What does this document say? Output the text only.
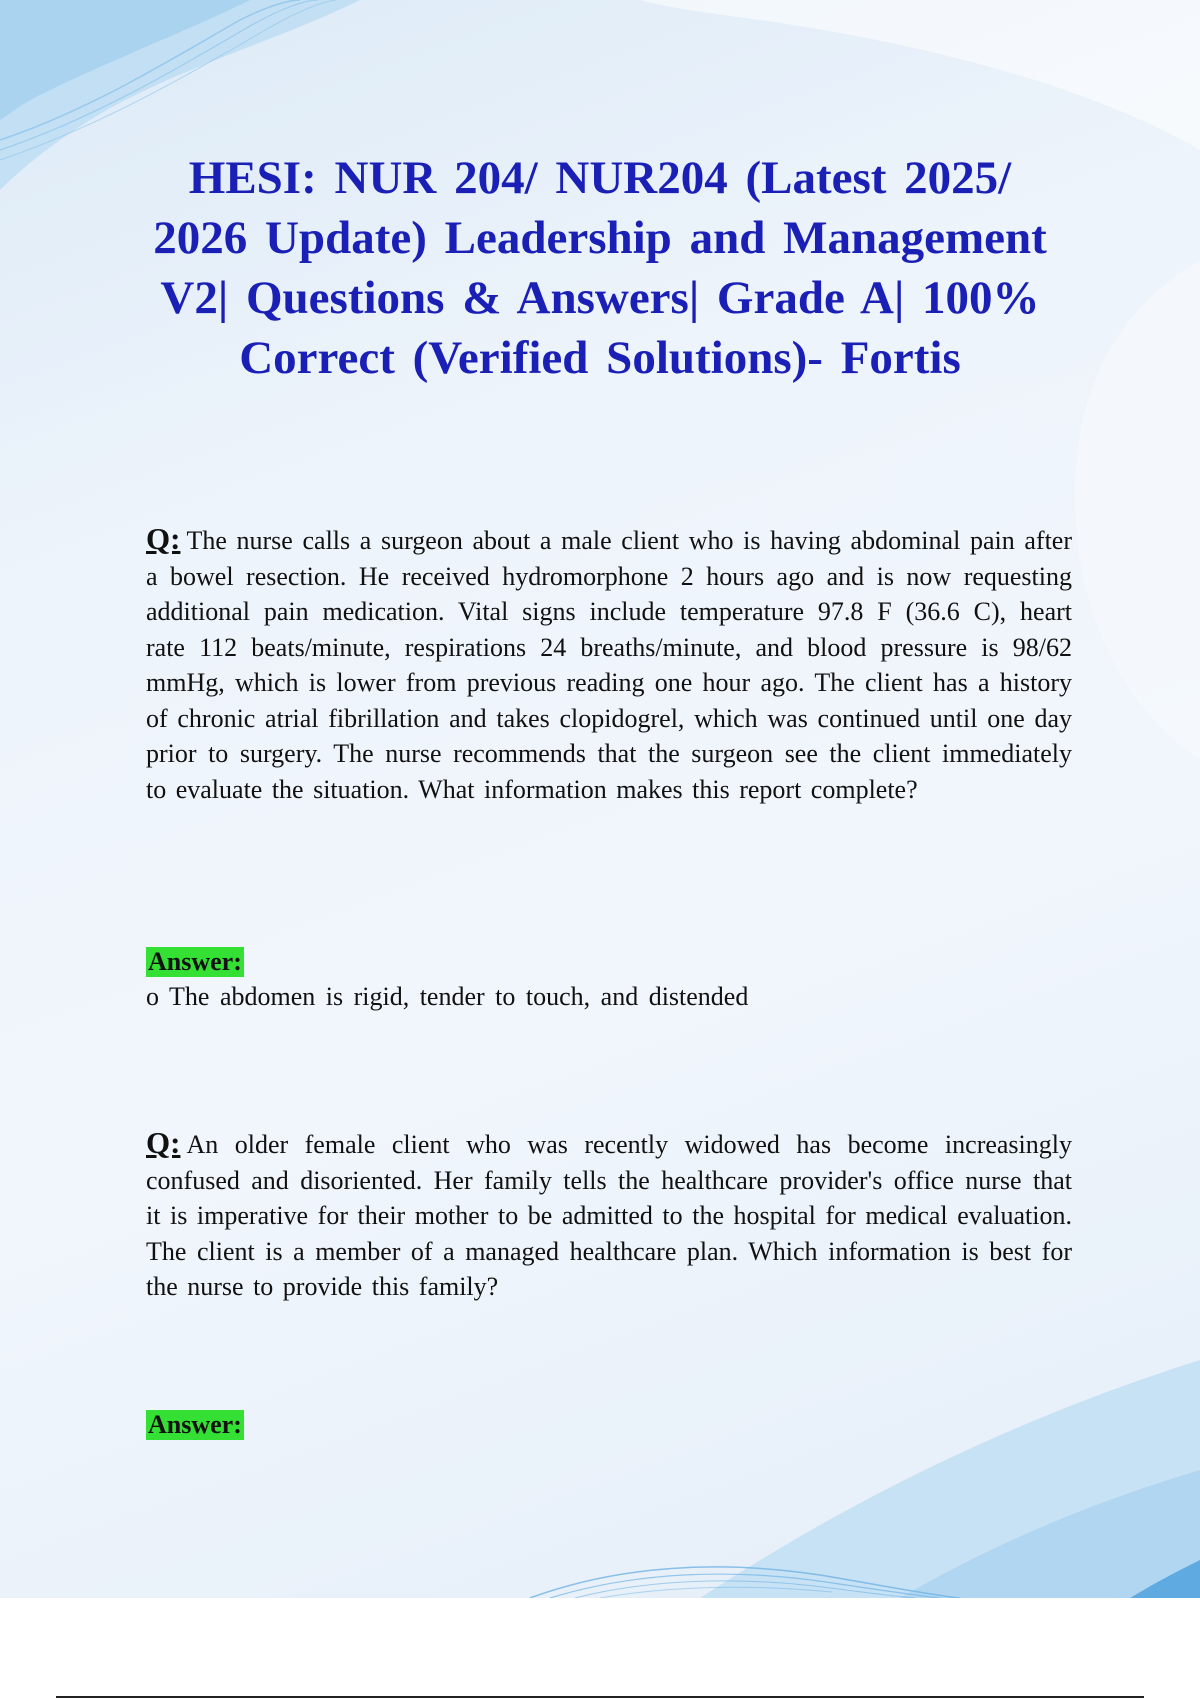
HESI: NUR 204/ NUR204 (Latest 2025/ 2026 Update) Leadership and Management V2| Questions & Answers| Grade A| 100% Correct (Verified Solutions)- Fortis

Q: The nurse calls a surgeon about a male client who is having abdominal pain after a bowel resection. He received hydromorphone 2 hours ago and is now requesting additional pain medication. Vital signs include temperature 97.8 F (36.6 C), heart rate 112 beats/minute, respirations 24 breaths/minute, and blood pressure is 98/62 mmHg, which is lower from previous reading one hour ago. The client has a history of chronic atrial fibrillation and takes clopidogrel, which was continued until one day prior to surgery. The nurse recommends that the surgeon see the client immediately to evaluate the situation. What information makes this report complete?

Answer:
o The abdomen is rigid, tender to touch, and distended

Q: An older female client who was recently widowed has become increasingly confused and disoriented. Her family tells the healthcare provider's office nurse that it is imperative for their mother to be admitted to the hospital for medical evaluation. The client is a member of a managed healthcare plan. Which information is best for the nurse to provide this family?

Answer:
